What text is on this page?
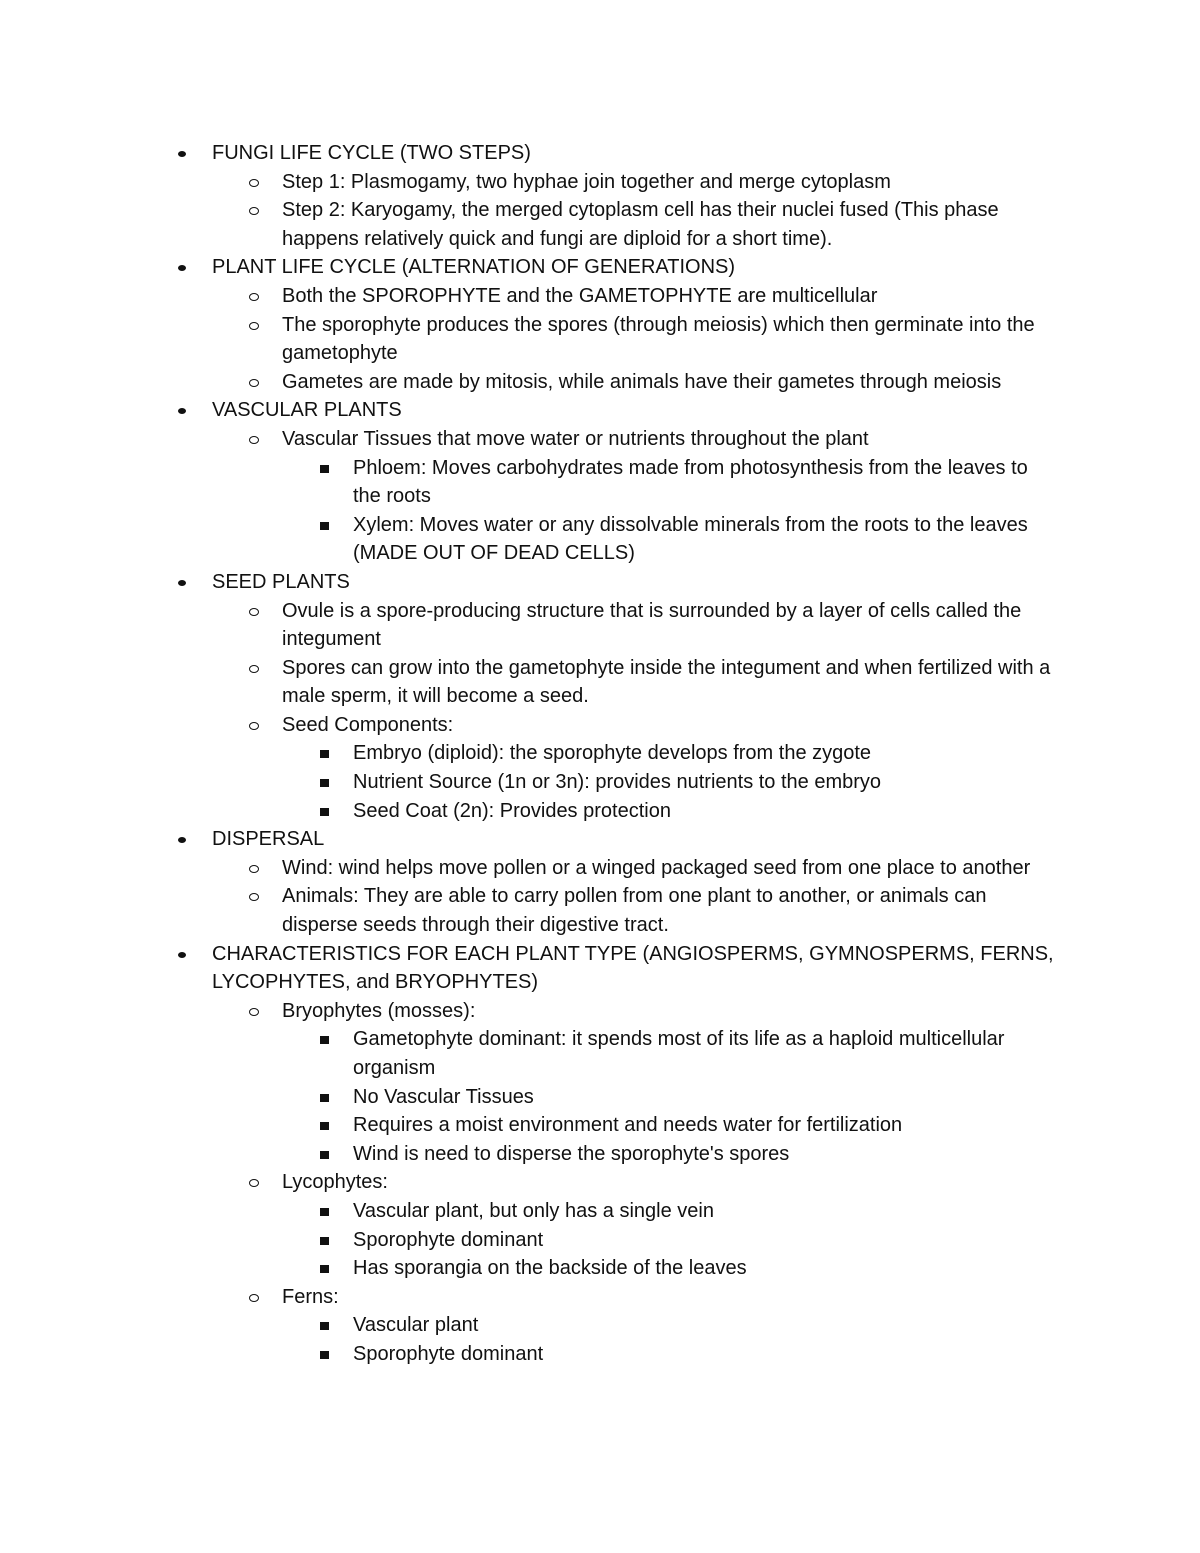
FUNGI LIFE CYCLE (TWO STEPS)
Step 1: Plasmogamy, two hyphae join together and merge cytoplasm
Step 2: Karyogamy, the merged cytoplasm cell has their nuclei fused (This phase happens relatively quick and fungi are diploid for a short time).
PLANT LIFE CYCLE (ALTERNATION OF GENERATIONS)
Both the SPOROPHYTE and the GAMETOPHYTE are multicellular
The sporophyte produces the spores (through meiosis) which then germinate into the gametophyte
Gametes are made by mitosis, while animals have their gametes through meiosis
VASCULAR PLANTS
Vascular Tissues that move water or nutrients throughout the plant
Phloem: Moves carbohydrates made from photosynthesis from the leaves to the roots
Xylem: Moves water or any dissolvable minerals from the roots to the leaves (MADE OUT OF DEAD CELLS)
SEED PLANTS
Ovule is a spore-producing structure that is surrounded by a layer of cells called the integument
Spores can grow into the gametophyte inside the integument and when fertilized with a male sperm, it will become a seed.
Seed Components:
Embryo (diploid): the sporophyte develops from the zygote
Nutrient Source (1n or 3n): provides nutrients to the embryo
Seed Coat (2n): Provides protection
DISPERSAL
Wind: wind helps move pollen or a winged packaged seed from one place to another
Animals: They are able to carry pollen from one plant to another, or animals can disperse seeds through their digestive tract.
CHARACTERISTICS FOR EACH PLANT TYPE (ANGIOSPERMS, GYMNOSPERMS, FERNS, LYCOPHYTES, and BRYOPHYTES)
Bryophytes (mosses):
Gametophyte dominant: it spends most of its life as a haploid multicellular organism
No Vascular Tissues
Requires a moist environment and needs water for fertilization
Wind is need to disperse the sporophyte's spores
Lycophytes:
Vascular plant, but only has a single vein
Sporophyte dominant
Has sporangia on the backside of the leaves
Ferns:
Vascular plant
Sporophyte dominant
